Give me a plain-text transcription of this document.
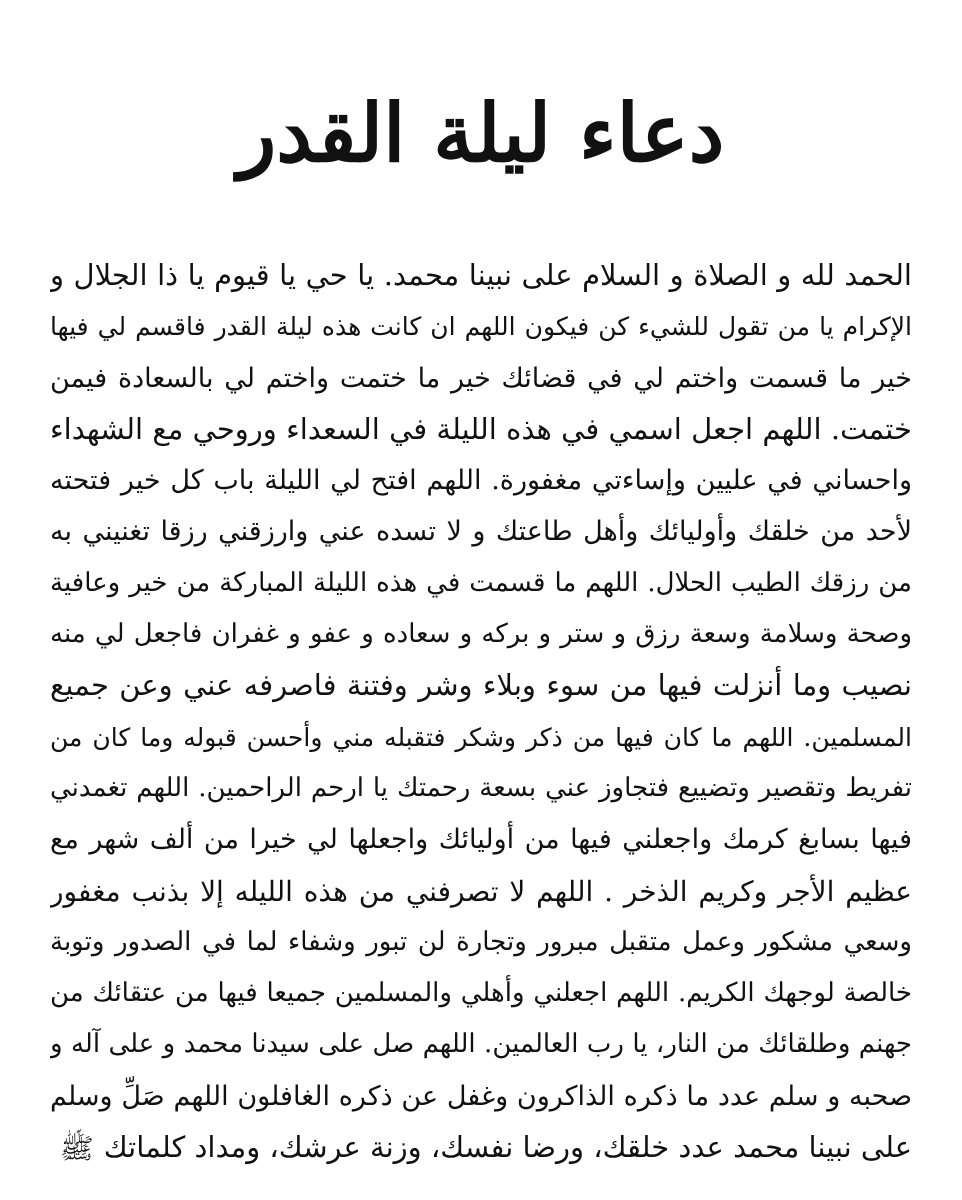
دعاء ليلة القدر
الحمد لله و الصلاة و السلام على نبينا محمد. يا حي يا قيوم يا ذا الجلال و
الإكرام يا من تقول للشيء كن فيكون اللهم ان كانت هذه ليلة القدر فاقسم لي فيها
خير ما قسمت واختم لي في قضائك خير ما ختمت واختم لي بالسعادة فيمن
ختمت. اللهم اجعل اسمي في هذه الليلة في السعداء وروحي مع الشهداء
واحساني في عليين وإساءتي مغفورة. اللهم افتح لي الليلة باب كل خير فتحته
لأحد من خلقك وأوليائك وأهل طاعتك و لا تسده عني وارزقني رزقا تغنيني به
من رزقك الطيب الحلال. اللهم ما قسمت في هذه الليلة المباركة من خير وعافية
وصحة وسلامة وسعة رزق و ستر و بركه و سعاده و عفو و غفران فاجعل لي منه
نصيب وما أنزلت فيها من سوء وبلاء وشر وفتنة فاصرفه عني وعن جميع
المسلمين. اللهم ما كان فيها من ذكر وشكر فتقبله مني وأحسن قبوله وما كان من
تفريط وتقصير وتضييع فتجاوز عني بسعة رحمتك يا ارحم الراحمين. اللهم تغمدني
فيها بسابغ كرمك واجعلني فيها من أوليائك واجعلها لي خيرا من ألف شهر مع
عظيم الأجر وكريم الذخر . اللهم لا تصرفني من هذه الليله إلا بذنب مغفور
وسعي مشكور وعمل متقبل مبرور وتجارة لن تبور وشفاء لما في الصدور وتوبة
خالصة لوجهك الكريم. اللهم اجعلني وأهلي والمسلمين جميعا فيها من عتقائك من
جهنم وطلقائك من النار، يا رب العالمين. اللهم صل على سيدنا محمد و على آله و
صحبه و سلم عدد ما ذكره الذاكرون وغفل عن ذكره الغافلون اللهم صَلِّ وسلم
على نبينا محمد عدد خلقك، ورضا نفسك، وزنة عرشك، ومداد كلماتكﷺ
